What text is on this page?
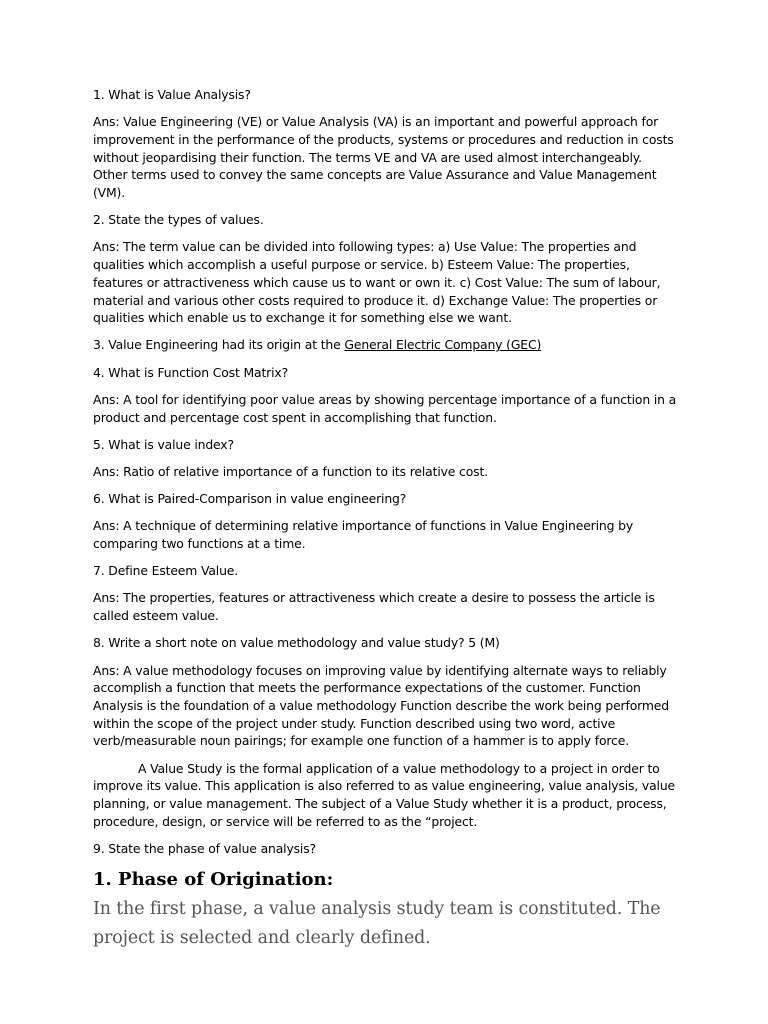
1. What is Value Analysis?

Ans: Value Engineering (VE) or Value Analysis (VA) is an important and powerful approach for improvement in the performance of the products, systems or procedures and reduction in costs without jeopardising their function. The terms VE and VA are used almost interchangeably. Other terms used to convey the same concepts are Value Assurance and Value Management (VM).

2. State the types of values.

Ans: The term value can be divided into following types: a) Use Value: The properties and qualities which accomplish a useful purpose or service. b) Esteem Value: The properties, features or attractiveness which cause us to want or own it. c) Cost Value: The sum of labour, material and various other costs required to produce it. d) Exchange Value: The properties or qualities which enable us to exchange it for something else we want.

3. Value Engineering had its origin at the General Electric Company (GEC)

4. What is Function Cost Matrix?

Ans: A tool for identifying poor value areas by showing percentage importance of a function in a product and percentage cost spent in accomplishing that function.

5. What is value index?

Ans: Ratio of relative importance of a function to its relative cost.

6. What is Paired-Comparison in value engineering?

Ans: A technique of determining relative importance of functions in Value Engineering by comparing two functions at a time.

7. Define Esteem Value.

Ans: The properties, features or attractiveness which create a desire to possess the article is called esteem value.

8. Write a short note on value methodology and value study? 5 (M)

Ans: A value methodology focuses on improving value by identifying alternate ways to reliably accomplish a function that meets the performance expectations of the customer. Function Analysis is the foundation of a value methodology Function describe the work being performed within the scope of the project under study. Function described using two word, active verb/measurable noun pairings; for example one function of a hammer is to apply force.

A Value Study is the formal application of a value methodology to a project in order to improve its value. This application is also referred to as value engineering, value analysis, value planning, or value management. The subject of a Value Study whether it is a product, process, procedure, design, or service will be referred to as the “project.

9. State the phase of value analysis?

1. Phase of Origination:

In the first phase, a value analysis study team is constituted. The project is selected and clearly defined.
